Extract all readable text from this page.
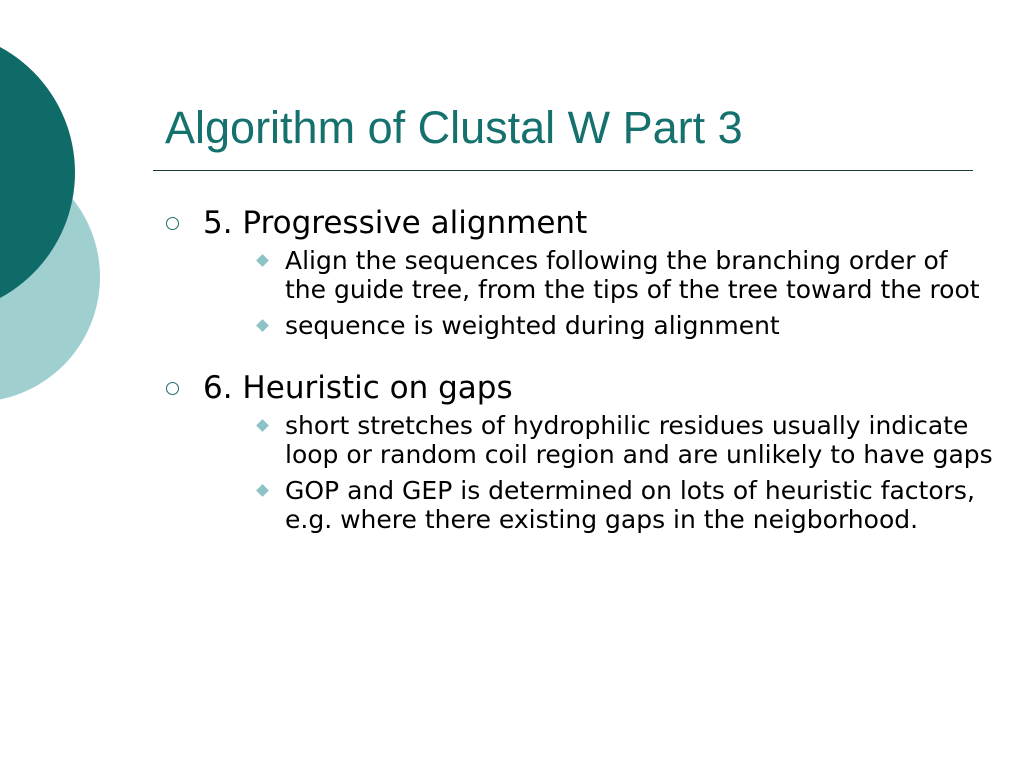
Algorithm of Clustal W Part 3
5. Progressive alignment
Align the sequences following the branching order of the guide tree, from the tips of the tree toward the root
sequence is weighted during alignment
6. Heuristic on gaps
short stretches of hydrophilic residues usually indicate loop or random coil region and are unlikely to have gaps
GOP and GEP is determined on lots of heuristic factors, e.g. where there existing gaps in the neigborhood.
